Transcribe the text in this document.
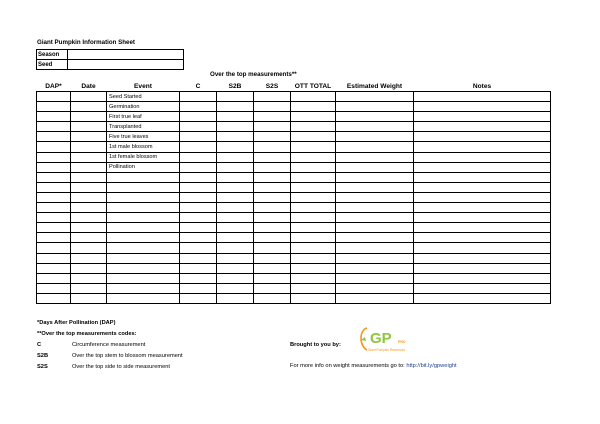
Giant Pumpkin Information Sheet
Season	
Seed	
Over the top measurements**
DAP*	Date	Event	C	S2B	S2S	OTT TOTAL	Estimated Weight	Notes
		Seed Started						
		Germination						
		First true leaf						
		Transplanted						
		Five true leaves						
		1st male blossom						
		1st female blossom						
		Pollination						

*Days After Pollination (DAP)
**Over the top measurements codes:
C	Circumference measurement
S2B	Over the top stem to blossom measurement
S2S	Over the top side to side measurement
Brought to you by: GP PRO
Giant Pumpkin Resources
For more info on weight measurements go to: http://bit.ly/gpweight
